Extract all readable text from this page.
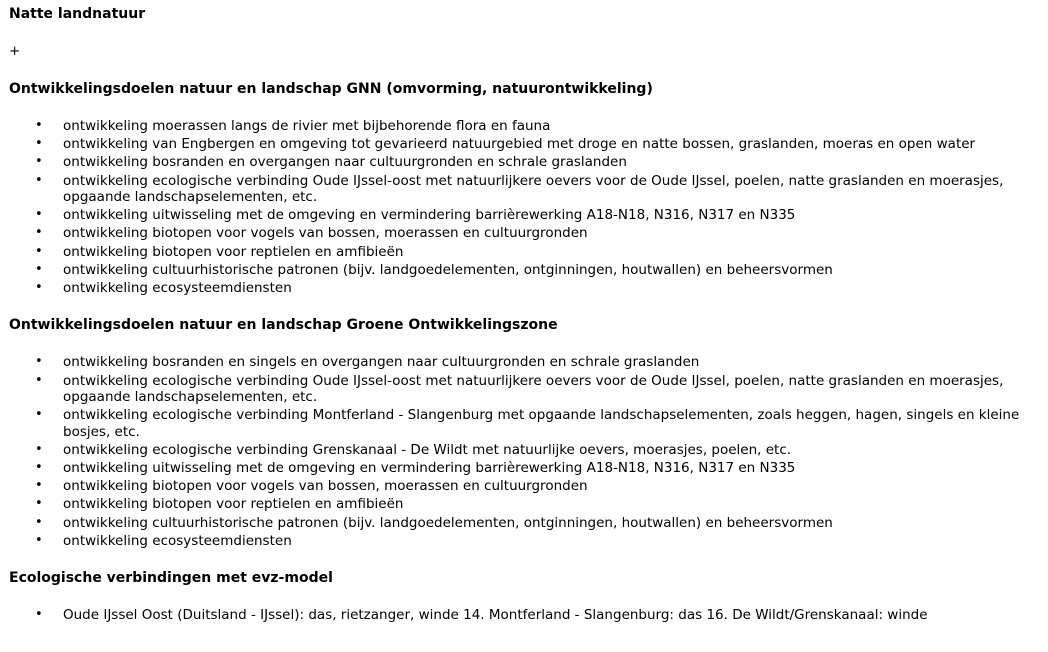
Natte landnatuur
+
Ontwikkelingsdoelen natuur en landschap GNN (omvorming, natuurontwikkeling)
• ontwikkeling moerassen langs de rivier met bijbehorende flora en fauna
• ontwikkeling van Engbergen en omgeving tot gevarieerd natuurgebied met droge en natte bossen, graslanden, moeras en open water
• ontwikkeling bosranden en overgangen naar cultuurgronden en schrale graslanden
• ontwikkeling ecologische verbinding Oude IJssel-oost met natuurlijkere oevers voor de Oude IJssel, poelen, natte graslanden en moerasjes, opgaande landschapselementen, etc.
• ontwikkeling uitwisseling met de omgeving en vermindering barrièrewerking A18-N18, N316, N317 en N335
• ontwikkeling biotopen voor vogels van bossen, moerassen en cultuurgronden
• ontwikkeling biotopen voor reptielen en amfibieën
• ontwikkeling cultuurhistorische patronen (bijv. landgoedelementen, ontginningen, houtwallen) en beheersvormen
• ontwikkeling ecosysteemdiensten
Ontwikkelingsdoelen natuur en landschap Groene Ontwikkelingszone
• ontwikkeling bosranden en singels en overgangen naar cultuurgronden en schrale graslanden
• ontwikkeling ecologische verbinding Oude IJssel-oost met natuurlijkere oevers voor de Oude IJssel, poelen, natte graslanden en moerasjes, opgaande landschapselementen, etc.
• ontwikkeling ecologische verbinding Montferland - Slangenburg met opgaande landschapselementen, zoals heggen, hagen, singels en kleine bosjes, etc.
• ontwikkeling ecologische verbinding Grenskanaal - De Wildt met natuurlijke oevers, moerasjes, poelen, etc.
• ontwikkeling uitwisseling met de omgeving en vermindering barrièrewerking A18-N18, N316, N317 en N335
• ontwikkeling biotopen voor vogels van bossen, moerassen en cultuurgronden
• ontwikkeling biotopen voor reptielen en amfibieën
• ontwikkeling cultuurhistorische patronen (bijv. landgoedelementen, ontginningen, houtwallen) en beheersvormen
• ontwikkeling ecosysteemdiensten
Ecologische verbindingen met evz-model
• Oude IJssel Oost (Duitsland - IJssel): das, rietzanger, winde 14. Montferland - Slangenburg: das 16. De Wildt/Grenskanaal: winde
